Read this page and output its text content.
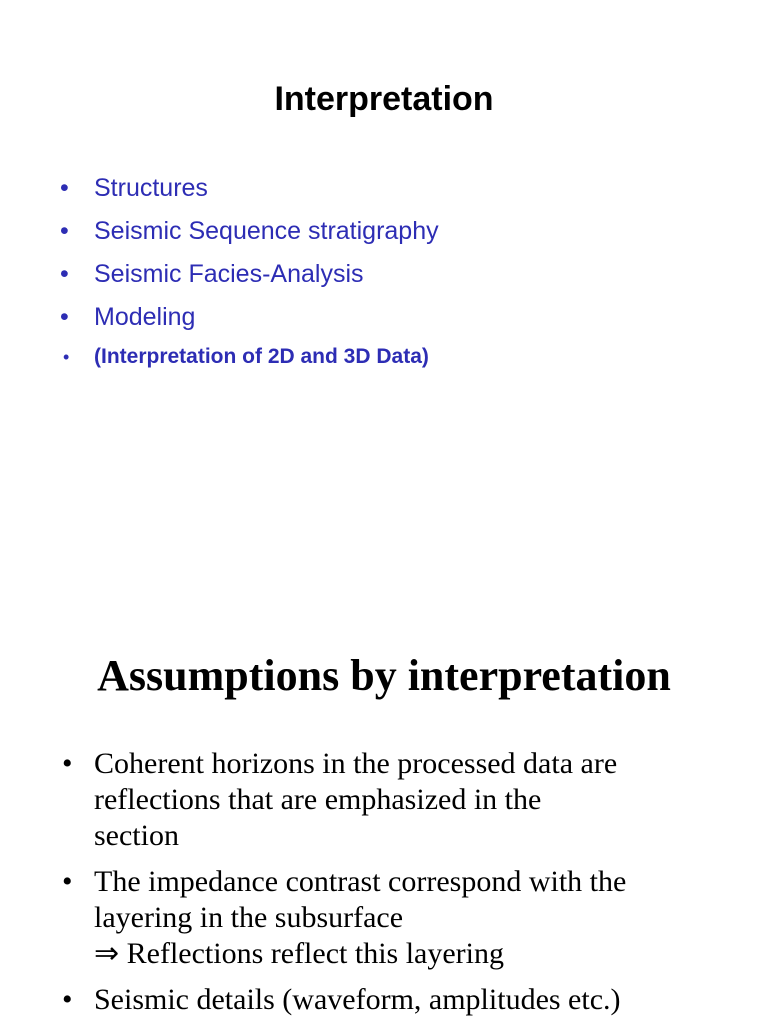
Interpretation
• Structures
• Seismic Sequence stratigraphy
• Seismic Facies-Analysis
• Modeling
• (Interpretation of 2D and 3D Data)
Assumptions by interpretation
• Coherent horizons in the processed data are
reflections that are emphasized in the
section
• The impedance contrast correspond with the
layering in the subsurface
⇒ Reflections reflect this layering
• Seismic details (waveform, amplitudes etc.)
